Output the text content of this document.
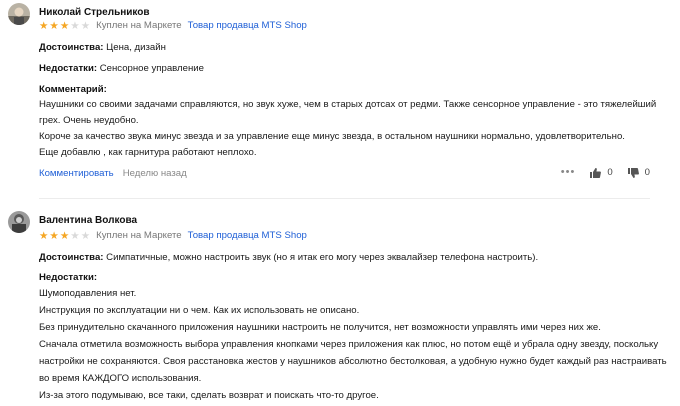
Николай Стрельников
★ ★ ★ ★ ★ Куплен на Маркете Товар продавца MTS Shop
Достоинства: Цена, дизайн
Недостатки: Сенсорное управление
Комментарий:
Наушники со своими задачами справляются, но звук хуже, чем в старых дотсах от редми. Также сенсорное управление - это тяжелейший
грех. Очень неудобно.
Короче за качество звука минус звезда и за управление еще минус звезда, в остальном наушники нормально, удовлетворительно.
Еще добавлю , как гарнитура работают неплохо.
Комментировать Неделю назад	•••	0	0
Валентина Волкова
★ ★ ★ ★ ★ Куплен на Маркете Товар продавца MTS Shop
Достоинства: Симпатичные, можно настроить звук (но я итак его могу через эквалайзер телефона настроить).
Недостатки:
Шумоподавления нет.
Инструкция по эксплуатации ни о чем. Как их использовать не описано.
Без принудительно скачанного приложения наушники настроить не получится, нет возможности управлять ими через них же.
Сначала отметила возможность выбора управления кнопками через приложения как плюс, но потом ещё и убрала одну звезду, поскольку
настройки не сохраняются. Своя расстановка жестов у наушников абсолютно бестолковая, а удобную нужно будет каждый раз настраивать
во время КАЖДОГО использования.
Из-за этого подумываю, все таки, сделать возврат и поискать что-то другое.
